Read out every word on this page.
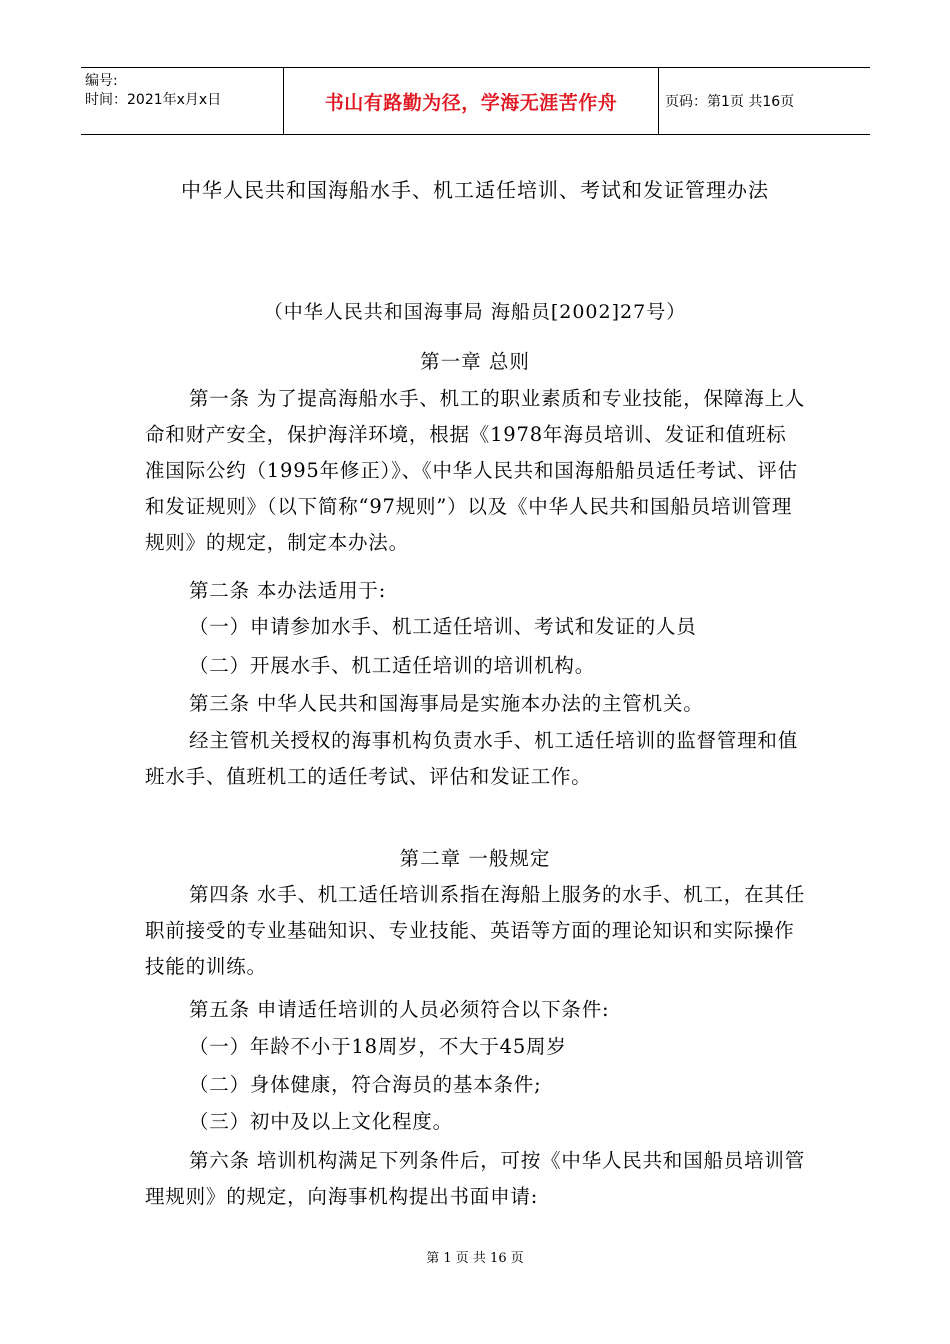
编号:
时间：2021年x月x日	书山有路勤为径，学海无涯苦作舟	页码：第1页 共16页
中华人民共和国海船水手、机工适任培训、考试和发证管理办法
（中华人民共和国海事局 海船员[2002]27号）
第一章 总则

第一条 为了提高海船水手、机工的职业素质和专业技能，保障海上人命和财产安全，保护海洋环境，根据《1978年海员培训、发证和值班标准国际公约（1995年修正）》、《中华人民共和国海船船员适任考试、评估和发证规则》（以下简称“97规则”）以及《中华人民共和国船员培训管理规则》的规定，制定本办法。

第二条 本办法适用于:

（一）申请参加水手、机工适任培训、考试和发证的人员

（二）开展水手、机工适任培训的培训机构。

第三条 中华人民共和国海事局是实施本办法的主管机关。

经主管机关授权的海事机构负责水手、机工适任培训的监督管理和值班水手、值班机工的适任考试、评估和发证工作。

第二章 一般规定

第四条 水手、机工适任培训系指在海船上服务的水手、机工，在其任职前接受的专业基础知识、专业技能、英语等方面的理论知识和实际操作技能的训练。

第五条 申请适任培训的人员必须符合以下条件:

（一）年龄不小于18周岁，不大于45周岁

（二）身体健康，符合海员的基本条件;

（三）初中及以上文化程度。

第六条 培训机构满足下列条件后，可按《中华人民共和国船员培训管理规则》的规定，向海事机构提出书面申请:

第 1 页 共 16 页
